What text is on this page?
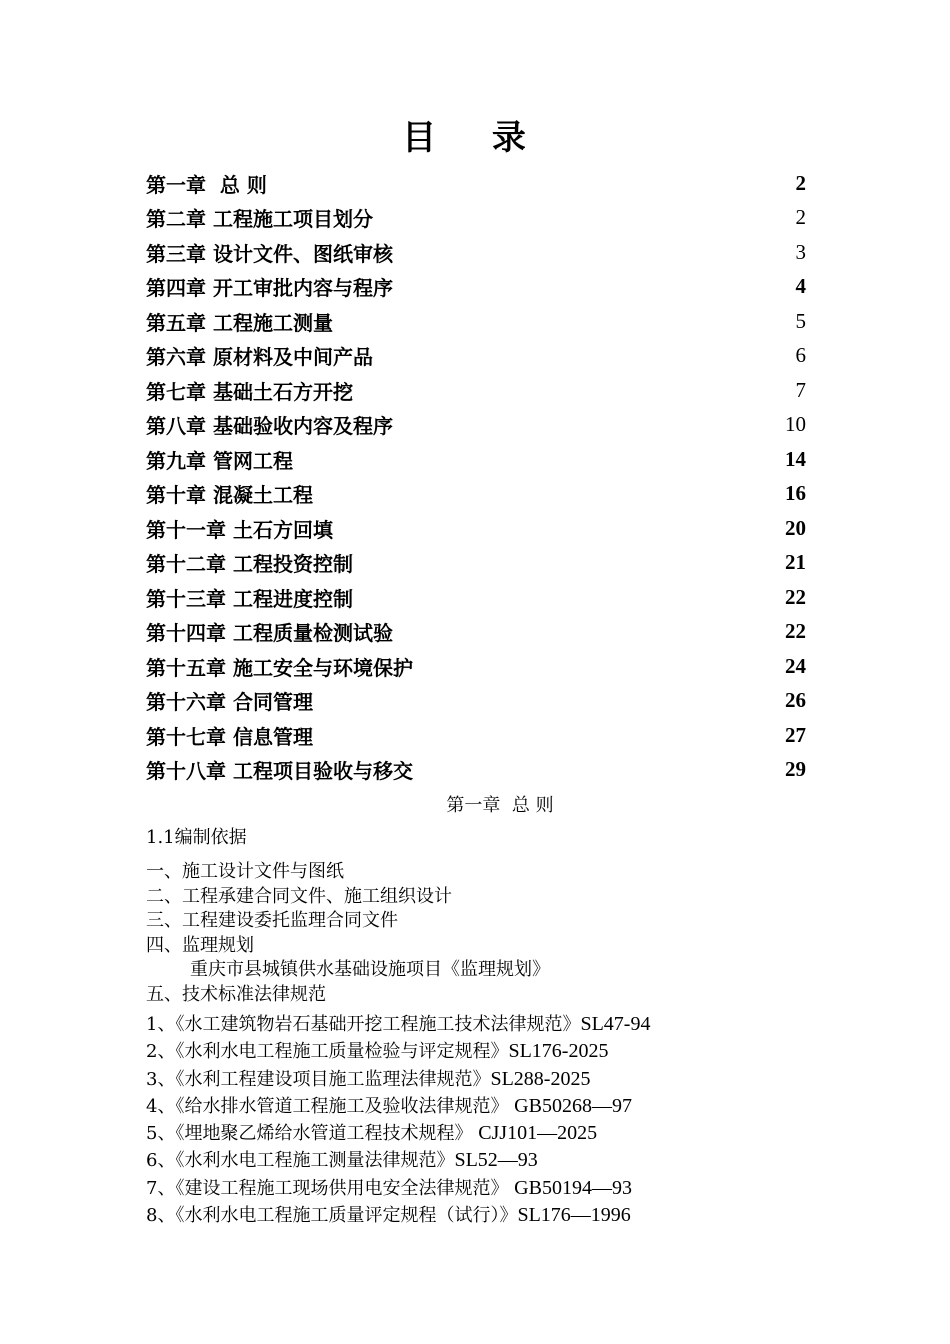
目 录
第一章  总 则	2
第二章 工程施工项目划分	2
第三章 设计文件、图纸审核	3
第四章 开工审批内容与程序	4
第五章 工程施工测量	5
第六章 原材料及中间产品	6
第七章 基础土石方开挖	7
第八章 基础验收内容及程序	10
第九章 管网工程	14
第十章 混凝土工程	16
第十一章 土石方回填	20
第十二章 工程投资控制	21
第十三章 工程进度控制	22
第十四章 工程质量检测试验	22
第十五章 施工安全与环境保护	24
第十六章 合同管理	26
第十七章 信息管理	27
第十八章 工程项目验收与移交	29
第一章  总 则
1.1编制依据
一、施工设计文件与图纸
二、工程承建合同文件、施工组织设计
三、工程建设委托监理合同文件
四、监理规划
重庆市县城镇供水基础设施项目《监理规划》
五、技术标准法律规范
1、《水工建筑物岩石基础开挖工程施工技术法律规范》SL47-94
2、《水利水电工程施工质量检验与评定规程》SL176-2025
3、《水利工程建设项目施工监理法律规范》SL288-2025
4、《给水排水管道工程施工及验收法律规范》 GB50268—97
5、《埋地聚乙烯给水管道工程技术规程》 CJJ101—2025
6、《水利水电工程施工测量法律规范》SL52—93
7、《建设工程施工现场供用电安全法律规范》 GB50194—93
8、《水利水电工程施工质量评定规程（试行）》SL176—1996
